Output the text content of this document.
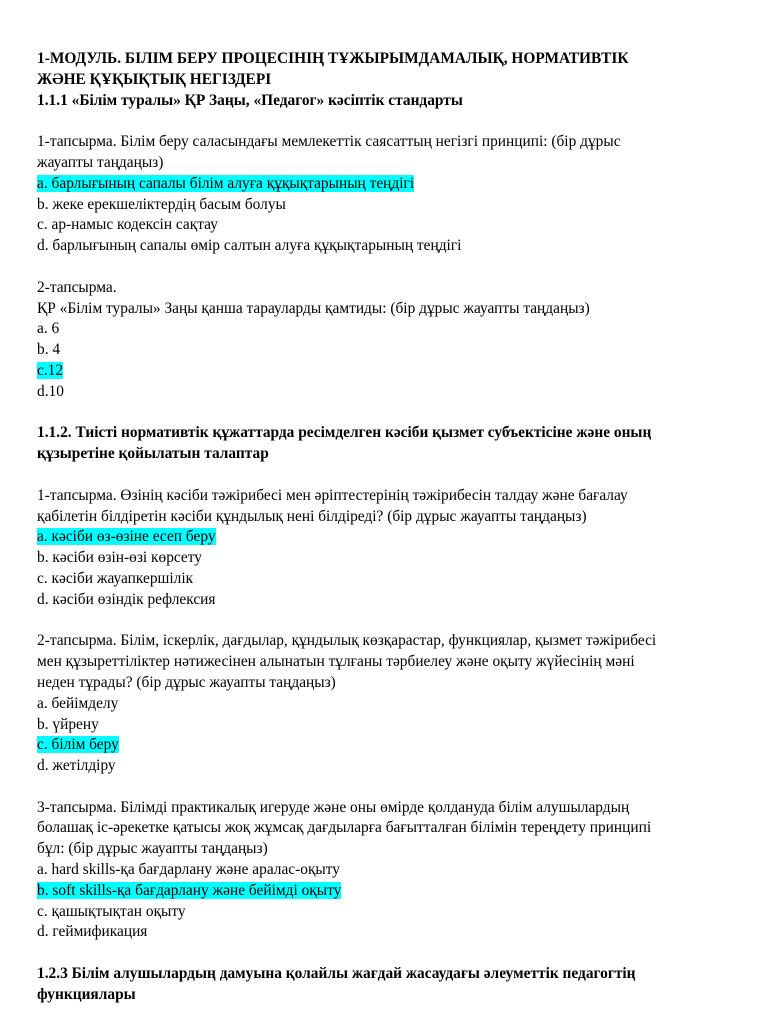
1-МОДУЛЬ. БІЛІМ БЕРУ ПРОЦЕСІНІҢ ТҰЖЫРЫМДАМАЛЫҚ, НОРМАТИВТІК
ЖӘНЕ ҚҰҚЫҚТЫҚ НЕГІЗДЕРІ
1.1.1 «Білім туралы» ҚР Заңы, «Педагог» кәсіптік стандарты
1-тапсырма. Білім беру саласындағы мемлекеттік саясаттың негізгі принципі: (бір дұрыс
жауапты таңдаңыз)
a. барлығының сапалы білім алуға құқықтарының теңдігі
b. жеке ерекшеліктердің басым болуы
c. ар-намыс кодексін сақтау
d. барлығының сапалы өмір салтын алуға құқықтарының теңдігі
2-тапсырма.
ҚР «Білім туралы» Заңы қанша тарауларды қамтиды: (бір дұрыс жауапты таңдаңыз)
a. 6
b. 4
c.12
d.10
1.1.2. Тиісті нормативтік құжаттарда ресімделген кәсіби қызмет субъектісіне және оның
құзыретіне қойылатын талаптар
1-тапсырма. Өзінің кәсіби тәжірибесі мен әріптестерінің тәжірибесін талдау және бағалау
қабілетін білдіретін кәсіби құндылық нені білдіреді? (бір дұрыс жауапты таңдаңыз)
a. кәсіби өз-өзіне есеп беру
b. кәсіби өзін-өзі көрсету
c. кәсіби жауапкершілік
d. кәсіби өзіндік рефлексия
2-тапсырма. Білім, іскерлік, дағдылар, құндылық көзқарастар, функциялар, қызмет тәжірибесі
мен құзыреттіліктер нәтижесінен алынатын тұлғаны тәрбиелеу және оқыту жүйесінің мәні
неден тұрады? (бір дұрыс жауапты таңдаңыз)
a. бейімделу
b. үйрену
c. білім беру
d. жетілдіру
3-тапсырма. Білімді практикалық игеруде және оны өмірде қолдануда білім алушылардың
болашақ іс-әрекетке қатысы жоқ жұмсақ дағдыларға бағытталған білімін тереңдету принципі
бұл: (бір дұрыс жауапты таңдаңыз)
a. hard skills-қа бағдарлану және аралас-оқыту
b. soft skills-қа бағдарлану және бейімді оқыту
c. қашықтықтан оқыту
d. геймификация
1.2.3 Білім алушылардың дамуына қолайлы жағдай жасаудағы әлеуметтік педагогтің
функциялары
